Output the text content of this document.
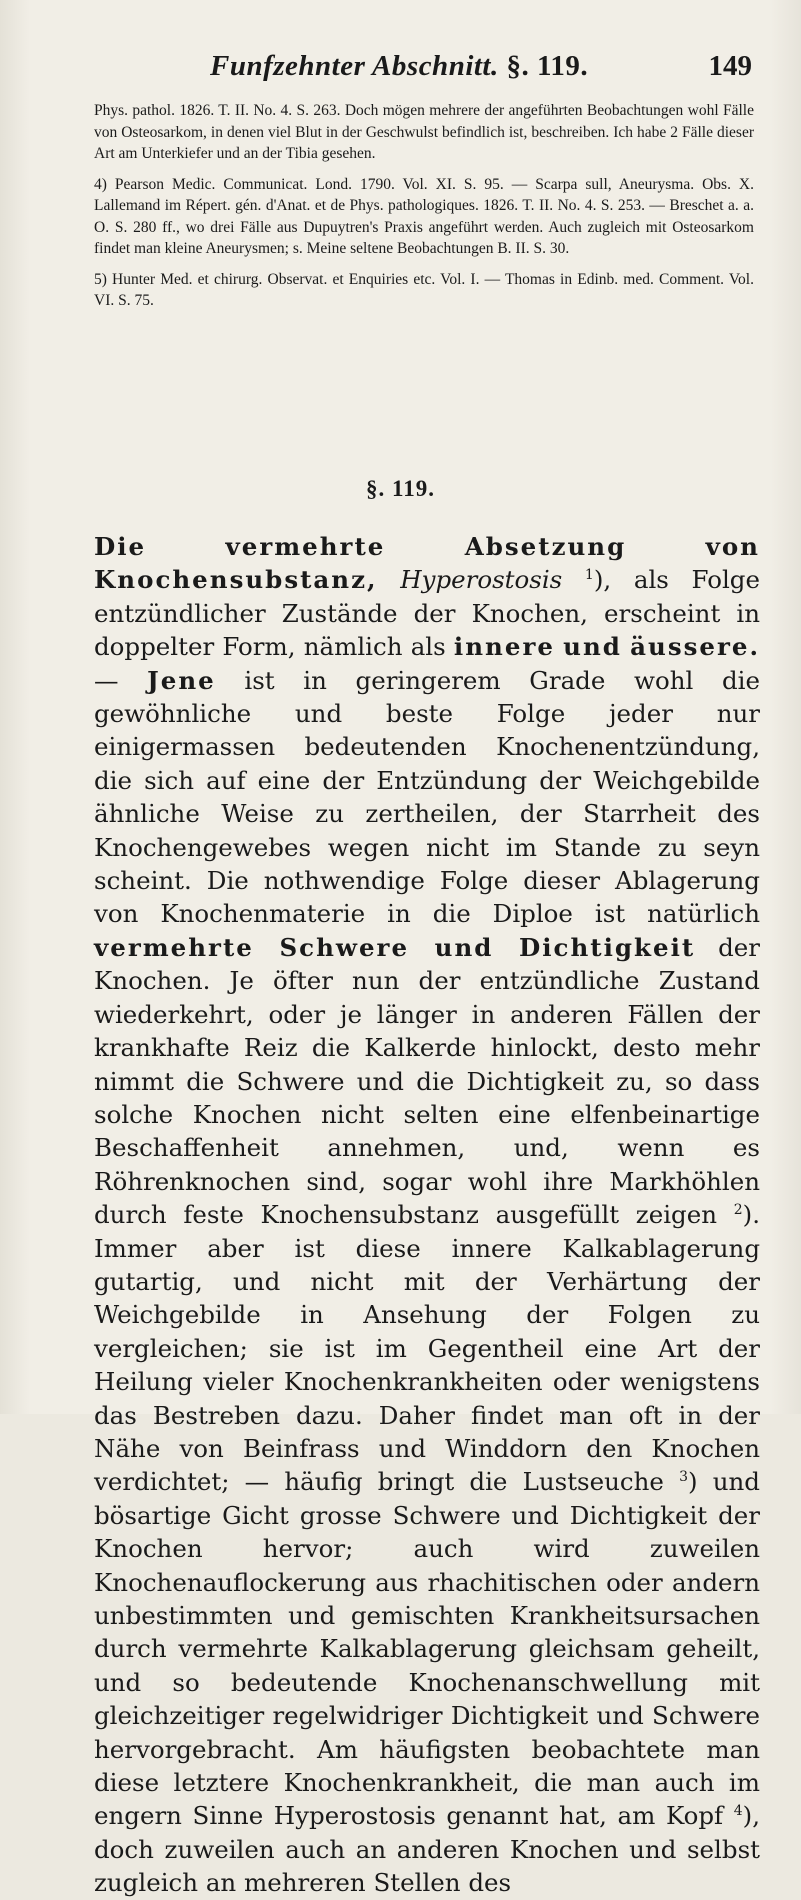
Funfzehnter Abschnitt. §. 119.	149

Phys. pathol. 1826. T. II. No. 4. S. 263. Doch mögen mehrere der angeführten Beobachtungen wohl Fälle von Osteosarkom, in denen viel Blut in der Geschwulst befindlich ist, beschreiben. Ich habe 2 Fälle dieser Art am Unterkiefer und an der Tibia gesehen.

4) Pearson Medic. Communicat. Lond. 1790. Vol. XI. S. 95. — Scarpa sull, Aneurysma. Obs. X. Lallemand im Répert. gén. d'Anat. et de Phys. pathologiques. 1826. T. II. No. 4. S. 253. — Breschet a. a. O. S. 280 ff., wo drei Fälle aus Dupuytren's Praxis angeführt werden. Auch zugleich mit Osteosarkom findet man kleine Aneurysmen; s. Meine seltene Beobachtungen B. II. S. 30.

5) Hunter Med. et chirurg. Observat. et Enquiries etc. Vol. I. — Thomas in Edinb. med. Comment. Vol. VI. S. 75.

§. 119.

Die vermehrte Absetzung von Knochensubstanz, Hyperostosis $^1$), als Folge entzündlicher Zustände der Knochen, erscheint in doppelter Form, nämlich als innere und äussere. — Jene ist in geringerem Grade wohl die gewöhnliche und beste Folge jeder nur einigermassen bedeutenden Knochenentzündung, die sich auf eine der Entzündung der Weichgebilde ähnliche Weise zu zertheilen, der Starrheit des Knochengewebes wegen nicht im Stande zu seyn scheint. Die nothwendige Folge dieser Ablagerung von Knochenmaterie in die Diploe ist natürlich vermehrte Schwere und Dichtigkeit der Knochen. Je öfter nun der entzündliche Zustand wiederkehrt, oder je länger in anderen Fällen der krankhafte Reiz die Kalkerde hinlockt, desto mehr nimmt die Schwere und die Dichtigkeit zu, so dass solche Knochen nicht selten eine elfenbeinartige Beschaffenheit annehmen, und, wenn es Röhrenknochen sind, sogar wohl ihre Markhöhlen durch feste Knochensubstanz ausgefüllt zeigen $^2$). Immer aber ist diese innere Kalkablagerung gutartig, und nicht mit der Verhärtung der Weichgebilde in Ansehung der Folgen zu vergleichen; sie ist im Gegentheil eine Art der Heilung vieler Knochenkrankheiten oder wenigstens das Bestreben dazu. Daher findet man oft in der Nähe von Beinfrass und Winddorn den Knochen verdichtet; — häufig bringt die Lustseuche $^3$) und bösartige Gicht grosse Schwere und Dichtigkeit der Knochen hervor; auch wird zuweilen Knochenauflockerung aus rhachitischen oder andern unbestimmten und gemischten Krankheitsursachen durch vermehrte Kalkablagerung gleichsam geheilt, und so bedeutende Knochenanschwellung mit gleichzeitiger regelwidriger Dichtigkeit und Schwere hervorgebracht. Am häufigsten beobachtete man diese letztere Knochenkrankheit, die man auch im engern Sinne Hyperostosis genannt hat, am Kopf $^4$), doch zuweilen auch an anderen Knochen und selbst zugleich an mehreren Stellen des
